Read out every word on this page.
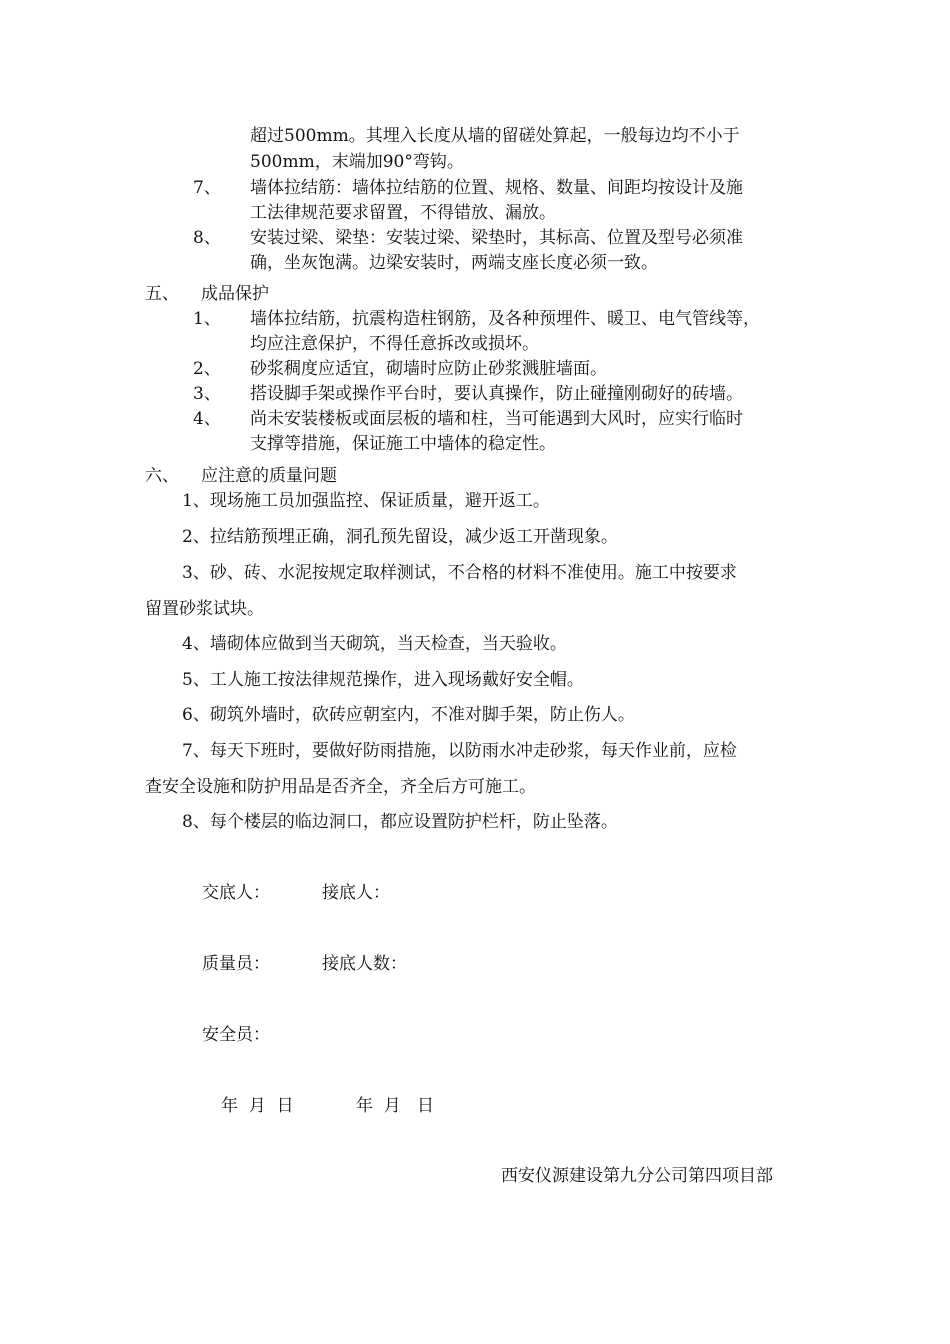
超过500mm。其埋入长度从墙的留磋处算起，一般每边均不小于
500mm，末端加90°弯钩。
7、 墙体拉结筋：墙体拉结筋的位置、规格、数量、间距均按设计及施
工法律规范要求留置，不得错放、漏放。
8、 安装过梁、梁垫：安装过梁、梁垫时，其标高、位置及型号必须准
确，坐灰饱满。边梁安装时，两端支座长度必须一致。
五、 成品保护
1、 墙体拉结筋，抗震构造柱钢筋，及各种预埋件、暖卫、电气管线等，
均应注意保护，不得任意拆改或损坏。
2、 砂浆稠度应适宜，砌墙时应防止砂浆溅脏墙面。
3、 搭设脚手架或操作平台时，要认真操作，防止碰撞刚砌好的砖墙。
4、 尚未安装楼板或面层板的墙和柱，当可能遇到大风时，应实行临时
支撑等措施，保证施工中墙体的稳定性。
六、 应注意的质量问题
1、现场施工员加强监控、保证质量，避开返工。
2、拉结筋预埋正确，洞孔预先留设，减少返工开凿现象。
3、砂、砖、水泥按规定取样测试，不合格的材料不准使用。施工中按要求
留置砂浆试块。
4、墙砌体应做到当天砌筑，当天检查，当天验收。
5、工人施工按法律规范操作，进入现场戴好安全帽。
6、砌筑外墙时，砍砖应朝室内，不准对脚手架，防止伤人。
7、每天下班时，要做好防雨措施，以防雨水冲走砂浆，每天作业前，应检
查安全设施和防护用品是否齐全，齐全后方可施工。
8、每个楼层的临边洞口，都应设置防护栏杆，防止坠落。
交底人：	接底人：
质量员：	接底人数：
安全员：
年  月  日	年  月   日
西安仪源建设第九分公司第四项目部
